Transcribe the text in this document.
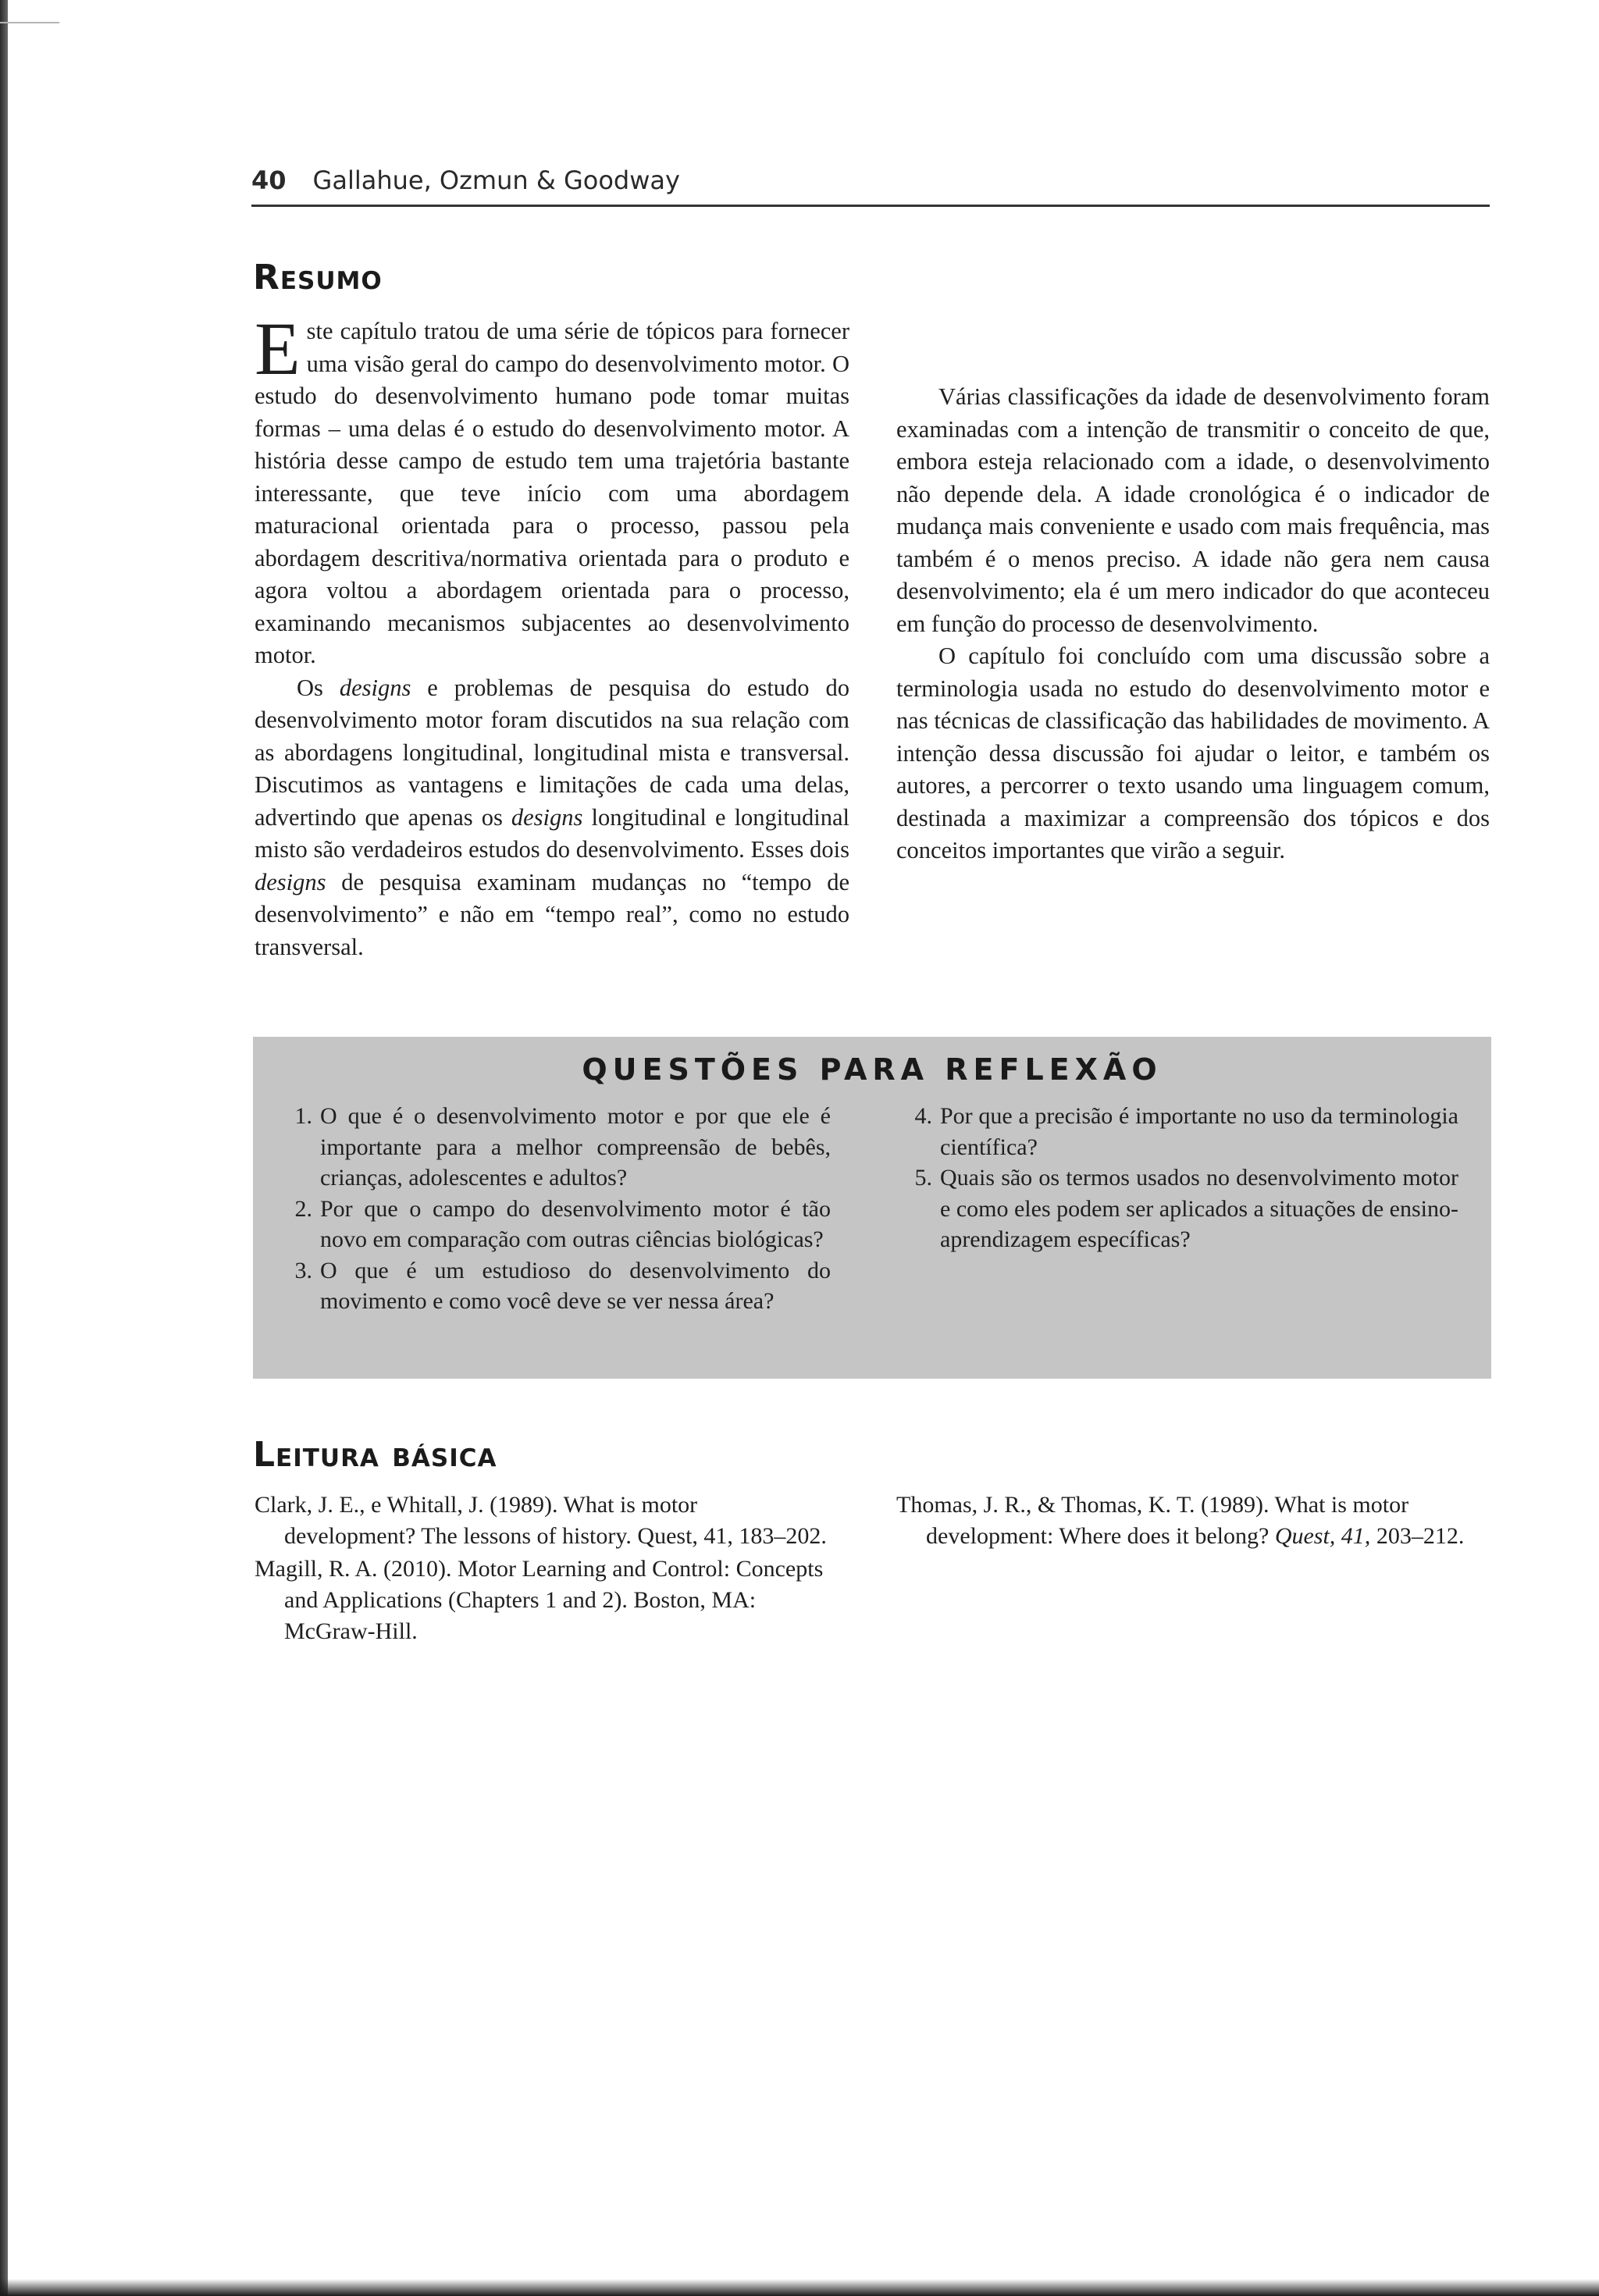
40 Gallahue, Ozmun & Goodway
Resumo

Este capítulo tratou de uma série de tópicos para fornecer uma visão geral do campo do desenvolvimento motor. O estudo do desenvolvimento humano pode tomar muitas formas – uma delas é o estudo do desenvolvimento motor. A história desse campo de estudo tem uma trajetória bastante interessante, que teve início com uma abordagem maturacional orientada para o processo, passou pela abordagem descritiva/normativa orientada para o produto e agora voltou a abordagem orientada para o processo, examinando mecanismos subjacentes ao desenvolvimento motor.

Os designs e problemas de pesquisa do estudo do desenvolvimento motor foram discutidos na sua relação com as abordagens longitudinal, longitudinal mista e transversal. Discutimos as vantagens e limitações de cada uma delas, advertindo que apenas os designs longitudinal e longitudinal misto são verdadeiros estudos do desenvolvimento. Esses dois designs de pesquisa examinam mudanças no “tempo de desenvolvimento” e não em “tempo real”, como no estudo transversal.

Várias classificações da idade de desenvolvimento foram examinadas com a intenção de transmitir o conceito de que, embora esteja relacionado com a idade, o desenvolvimento não depende dela. A idade cronológica é o indicador de mudança mais conveniente e usado com mais frequência, mas também é o menos preciso. A idade não gera nem causa desenvolvimento; ela é um mero indicador do que aconteceu em função do processo de desenvolvimento.

O capítulo foi concluído com uma discussão sobre a terminologia usada no estudo do desenvolvimento motor e nas técnicas de classificação das habilidades de movimento. A intenção dessa discussão foi ajudar o leitor, e também os autores, a percorrer o texto usando uma linguagem comum, destinada a maximizar a compreensão dos tópicos e dos conceitos importantes que virão a seguir.

QUESTÕES PARA REFLEXÃO
1. O que é o desenvolvimento motor e por que ele é importante para a melhor compreensão de bebês, crianças, adolescentes e adultos?
2. Por que o campo do desenvolvimento motor é tão novo em comparação com outras ciências biológicas?
3. O que é um estudioso do desenvolvimento do movimento e como você deve se ver nessa área?
4. Por que a precisão é importante no uso da terminologia científica?
5. Quais são os termos usados no desenvolvimento motor e como eles podem ser aplicados a situações de ensino-aprendizagem específicas?
Leitura básica
Clark, J. E., e Whitall, J. (1989). What is motor development? The lessons of history. Quest, 41, 183–202.
Magill, R. A. (2010). Motor Learning and Control: Concepts and Applications (Chapters 1 and 2). Boston, MA: McGraw-Hill.
Thomas, J. R., & Thomas, K. T. (1989). What is motor development: Where does it belong? Quest, 41, 203–212.
